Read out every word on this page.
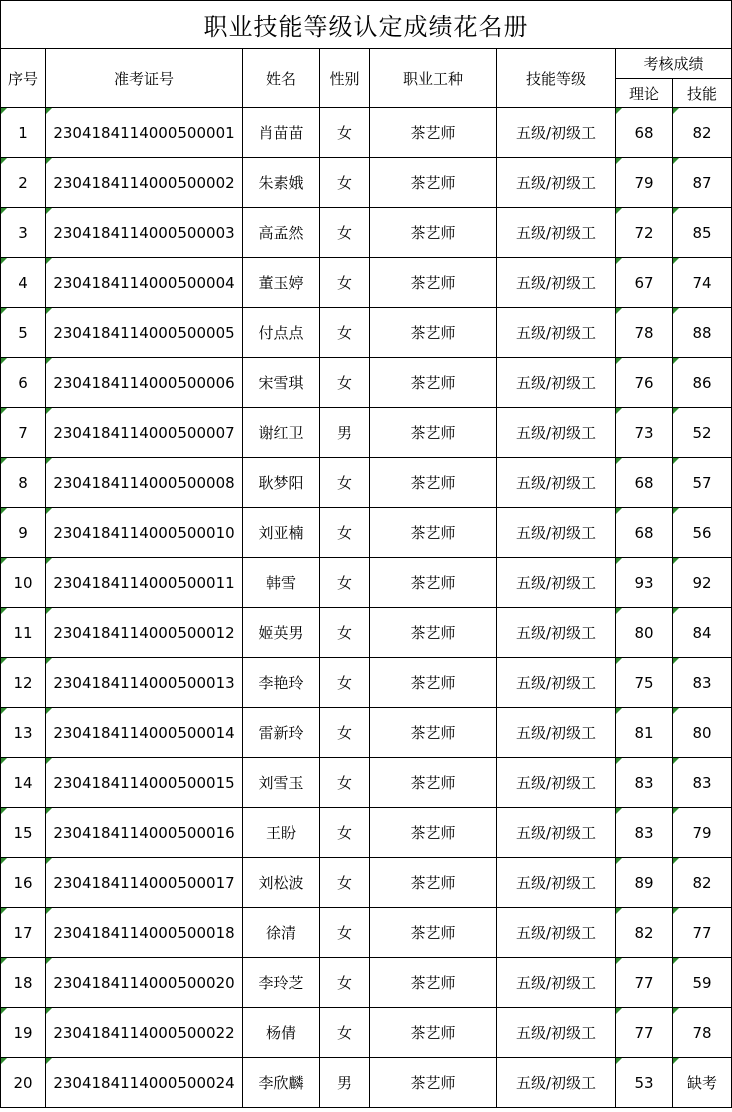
职业技能等级认定成绩花名册							
序号	准考证号	姓名	性别	职业工种	技能等级	考核成绩	
						理论	技能
1	2304184114000500001	肖苗苗	女	茶艺师	五级/初级工	68	82
2	2304184114000500002	朱素娥	女	茶艺师	五级/初级工	79	87
3	2304184114000500003	高孟然	女	茶艺师	五级/初级工	72	85
4	2304184114000500004	董玉婷	女	茶艺师	五级/初级工	67	74
5	2304184114000500005	付点点	女	茶艺师	五级/初级工	78	88
6	2304184114000500006	宋雪琪	女	茶艺师	五级/初级工	76	86
7	2304184114000500007	谢红卫	男	茶艺师	五级/初级工	73	52
8	2304184114000500008	耿梦阳	女	茶艺师	五级/初级工	68	57
9	2304184114000500010	刘亚楠	女	茶艺师	五级/初级工	68	56
10	2304184114000500011	韩雪	女	茶艺师	五级/初级工	93	92
11	2304184114000500012	姬英男	女	茶艺师	五级/初级工	80	84
12	2304184114000500013	李艳玲	女	茶艺师	五级/初级工	75	83
13	2304184114000500014	雷新玲	女	茶艺师	五级/初级工	81	80
14	2304184114000500015	刘雪玉	女	茶艺师	五级/初级工	83	83
15	2304184114000500016	王盼	女	茶艺师	五级/初级工	83	79
16	2304184114000500017	刘松波	女	茶艺师	五级/初级工	89	82
17	2304184114000500018	徐清	女	茶艺师	五级/初级工	82	77
18	2304184114000500020	李玲芝	女	茶艺师	五级/初级工	77	59
19	2304184114000500022	杨倩	女	茶艺师	五级/初级工	77	78
20	2304184114000500024	李欣麟	男	茶艺师	五级/初级工	53	缺考
